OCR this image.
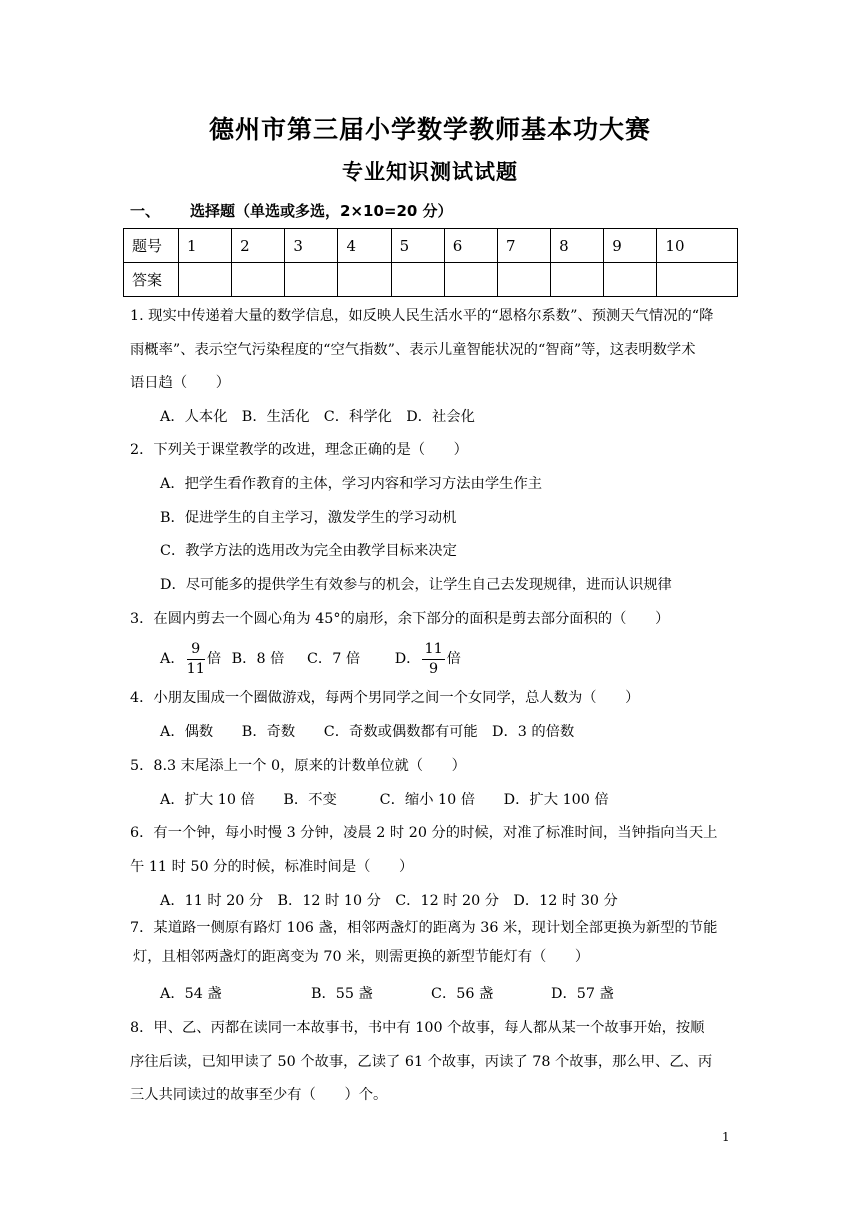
德州市第三届小学数学教师基本功大赛
专业知识测试试题
一、 选择题（单选或多选，2×10=20 分）
题号	1	2	3	4	5	6	7	8	9	10
答案										
1. 现实中传递着大量的数学信息，如反映人民生活水平的“恩格尔系数”、预测天气情况的“降
雨概率”、表示空气污染程度的“空气指数”、表示儿童智能状况的“智商”等，这表明数学术
语日趋（　　）
A．人本化　B．生活化　C．科学化　D．社会化
2．下列关于课堂教学的改进，理念正确的是（　　）
A．把学生看作教育的主体，学习内容和学习方法由学生作主
B．促进学生的自主学习，激发学生的学习动机
C．教学方法的选用改为完全由教学目标来决定
D．尽可能多的提供学生有效参与的机会，让学生自己去发现规律，进而认识规律
3．在圆内剪去一个圆心角为 45°的扇形，余下部分的面积是剪去部分面积的（　　）
A． $\frac{9}{11}$ 倍 B．8 倍 C．7 倍 D． $\frac{11}{9}$ 倍
4．小朋友围成一个圈做游戏，每两个男同学之间一个女同学，总人数为（　　）
A．偶数　　B．奇数　　C．奇数或偶数都有可能　D．3 的倍数
5．8.3 末尾添上一个 0，原来的计数单位就（　　）
A．扩大 10 倍　　B．不变　　　C．缩小 10 倍　　D．扩大 100 倍
6．有一个钟，每小时慢 3 分钟，凌晨 2 时 20 分的时候，对准了标准时间，当钟指向当天上
午 11 时 50 分的时候，标准时间是（　　）
A．11 时 20 分　B．12 时 10 分　C．12 时 20 分　D．12 时 30 分
7．某道路一侧原有路灯 106 盏，相邻两盏灯的距离为 36 米，现计划全部更换为新型的节能
灯，且相邻两盏灯的距离变为 70 米，则需更换的新型节能灯有（　　）
A．54 盏	B．55 盏	C．56 盏	D．57 盏
8．甲、乙、丙都在读同一本故事书，书中有 100 个故事，每人都从某一个故事开始，按顺
序往后读，已知甲读了 50 个故事，乙读了 61 个故事，丙读了 78 个故事，那么甲、乙、丙
三人共同读过的故事至少有（　　）个。
1
